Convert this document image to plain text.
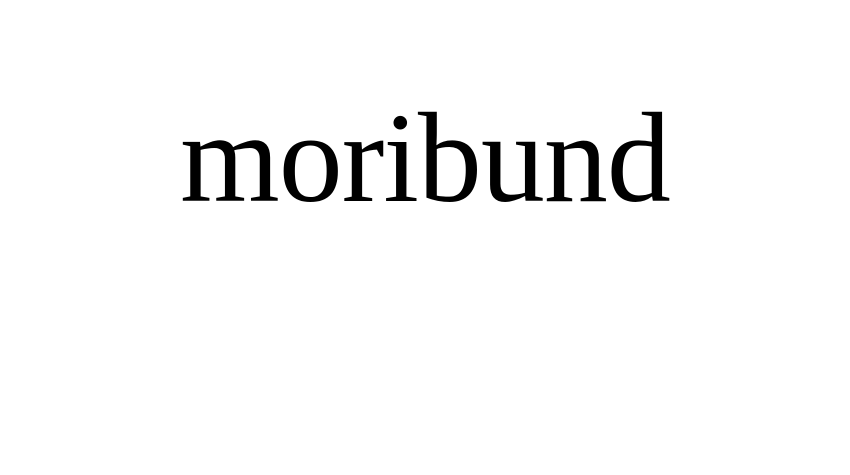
moribund
